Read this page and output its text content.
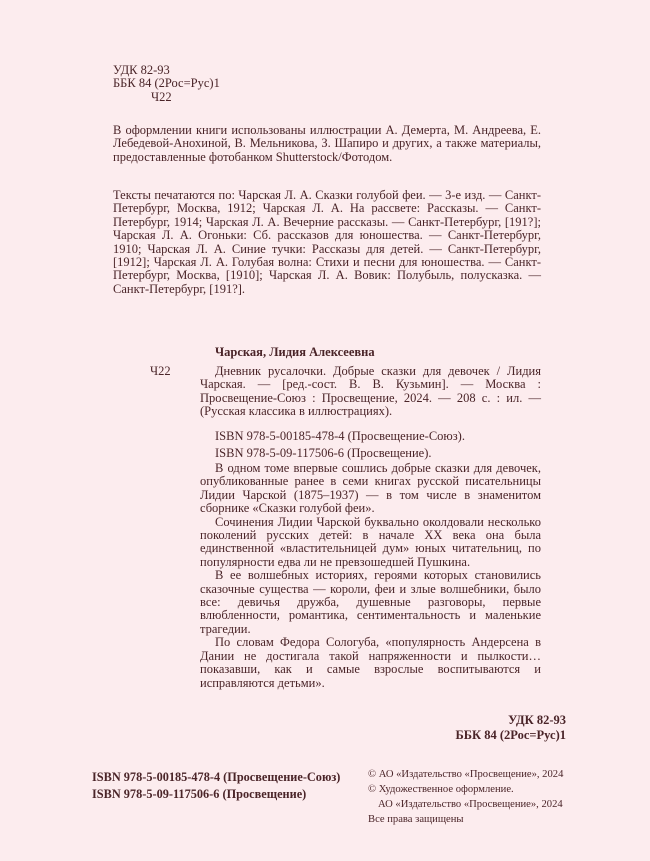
УДК 82-93
ББК 84 (2Рос=Рус)1
Ч22

В оформлении книги использованы иллюстрации А. Демерта, М. Андреева, Е. Лебедевой-Анохиной, В. Мельникова, З. Шапиро и других, а также материалы, предоставленные фотобанком Shutterstock/Фотодом.

Тексты печатаются по: Чарская Л. А. Сказки голубой феи. — 3-е изд. — Санкт-Петербург, Москва, 1912; Чарская Л. А. На рассвете: Рассказы. — Санкт-Петербург, 1914; Чарская Л. А. Вечерние рассказы. — Санкт-Петербург, [191?]; Чарская Л. А. Огоньки: Сб. рассказов для юношества. — Санкт-Петербург, 1910; Чарская Л. А. Синие тучки: Рассказы для детей. — Санкт-Петербург, [1912]; Чарская Л. А. Голубая волна: Стихи и песни для юношества. — Санкт-Петербург, Москва, [1910]; Чарская Л. А. Вовик: Полубыль, полусказка. — Санкт-Петербург, [191?].

Чарская, Лидия Алексеевна
Ч22	Дневник русалочки. Добрые сказки для девочек / Лидия Чарская. — [ред.-сост. В. В. Кузьмин]. — Москва : Просвещение-Союз : Просвещение, 2024. — 208 с. : ил. — (Русская классика в иллюстрациях).

ISBN 978-5-00185-478-4 (Просвещение-Союз).
ISBN 978-5-09-117506-6 (Просвещение).

В одном томе впервые сошлись добрые сказки для девочек, опубликованные ранее в семи книгах русской писательницы Лидии Чарской (1875–1937) — в том числе в знаменитом сборнике «Сказки голубой феи».

Сочинения Лидии Чарской буквально околдовали несколько поколений русских детей: в начале XX века она была единственной «властительницей дум» юных читательниц, по популярности едва ли не превзошедшей Пушкина.

В ее волшебных историях, героями которых становились сказочные существа — короли, феи и злые волшебники, было все: девичья дружба, душевные разговоры, первые влюбленности, романтика, сентиментальность и маленькие трагедии.

По словам Федора Сологуба, «популярность Андерсена в Дании не достигала такой напряженности и пылкости… показавши, как и самые взрослые воспитываются и исправляются детьми».

УДК 82-93
ББК 84 (2Рос=Рус)1
ISBN 978-5-00185-478-4 (Просвещение-Союз)
ISBN 978-5-09-117506-6 (Просвещение)
© АО «Издательство «Просвещение», 2024
© Художественное оформление.
АО «Издательство «Просвещение», 2024
Все права защищены
